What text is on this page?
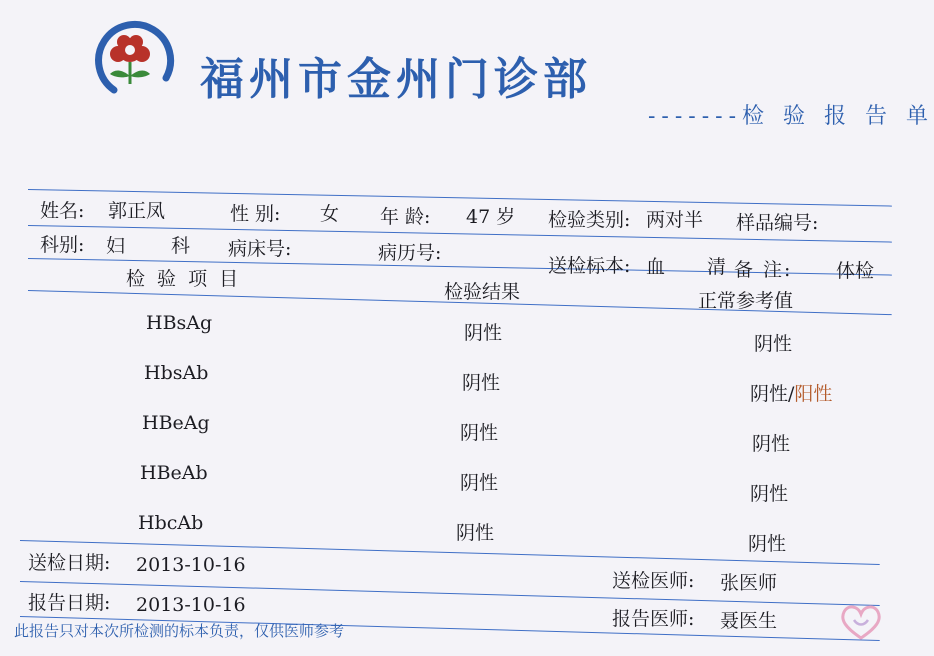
福州市金州门诊部
-------检 验 报 告 单
姓名: 郭正凤	性 别: 女 年 龄: 47 岁 检验类别: 两对半 样品编号:
科别: 妇 科 病床号:	病历号:
送检标本: 血 清
备 注: 体检
检 验 项 目
检验结果	正常参考值
HBsAg	阴性	阴性
HbsAb	阴性	阴性/阳性
HBeAg	阴性	阴性
HBeAb	阴性	阴性
HbcAb	阴性	阴性
送检日期: 2013-10-16
报告日期: 2013-10-16
送检医师: 张医师
报告医师: 聂医生
此报告只对本次所检测的标本负责，仅供医师参考
